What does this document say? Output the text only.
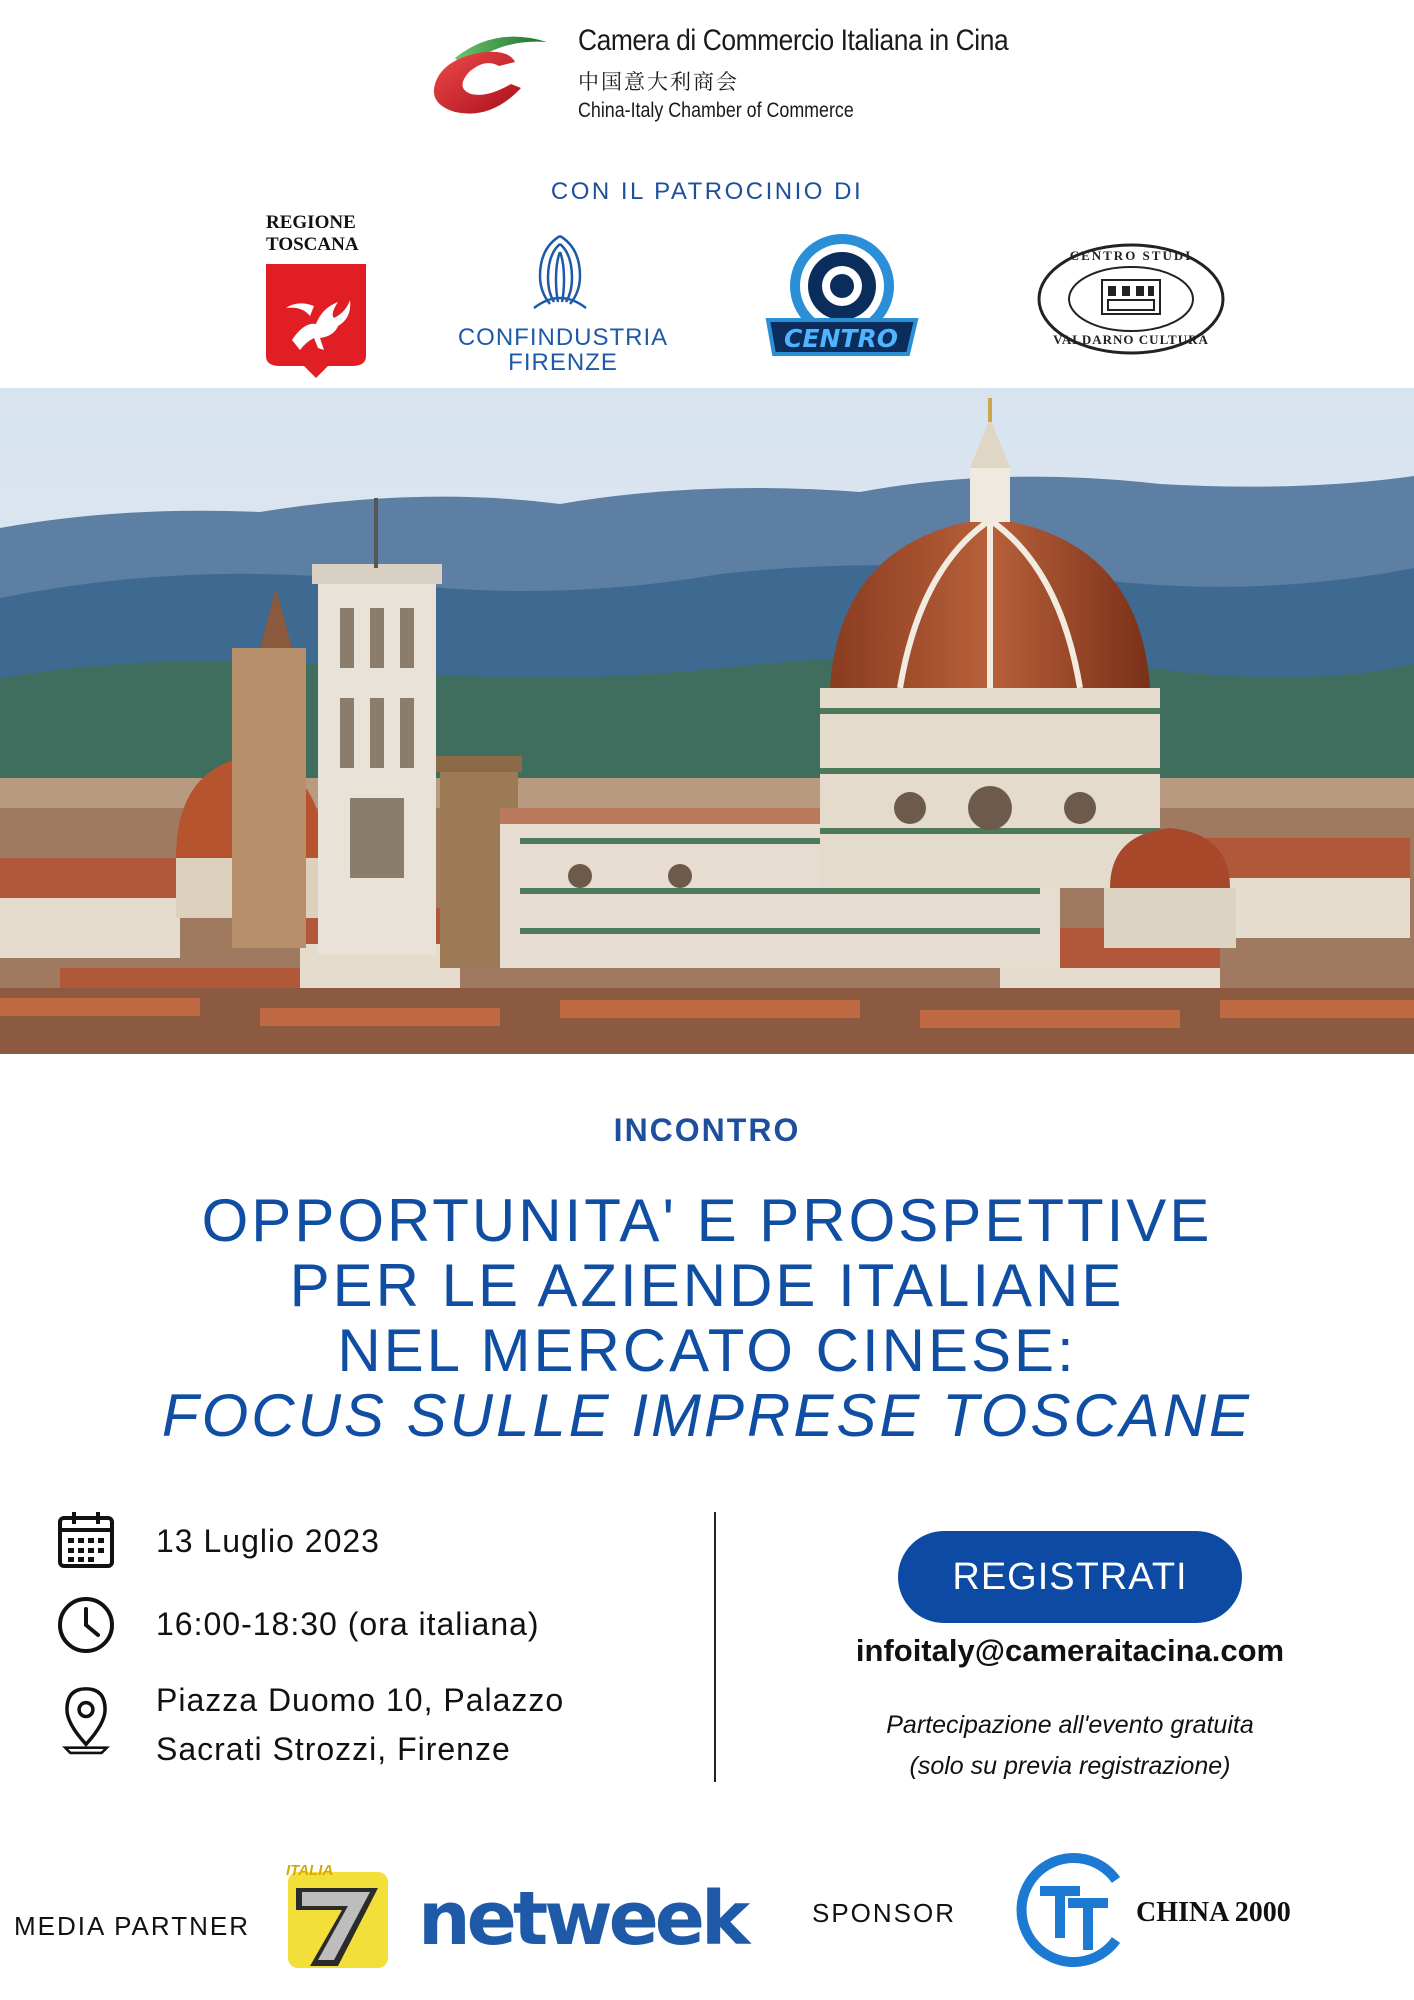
Camera di Commercio Italiana in Cina
中国意大利商会
China-Italy Chamber of Commerce
CON IL PATROCINIO DI
REGIONE
TOSCANA
CONFINDUSTRIA
FIRENZE
CENTRO
CENTRO STUDI
VALDARNO CULTURA
INCONTRO
OPPORTUNITA' E PROSPETTIVE
PER LE AZIENDE ITALIANE
NEL MERCATO CINESE:
FOCUS SULLE IMPRESE TOSCANE
13 Luglio 2023
16:00-18:30 (ora italiana)
Piazza Duomo 10, Palazzo
Sacrati Strozzi, Firenze
REGISTRATI
infoitaly@cameraitacina.com
Partecipazione all'evento gratuita
(solo su previa registrazione)
MEDIA PARTNER
ITALIA
netweek	SPONSOR	CHINA 2000
